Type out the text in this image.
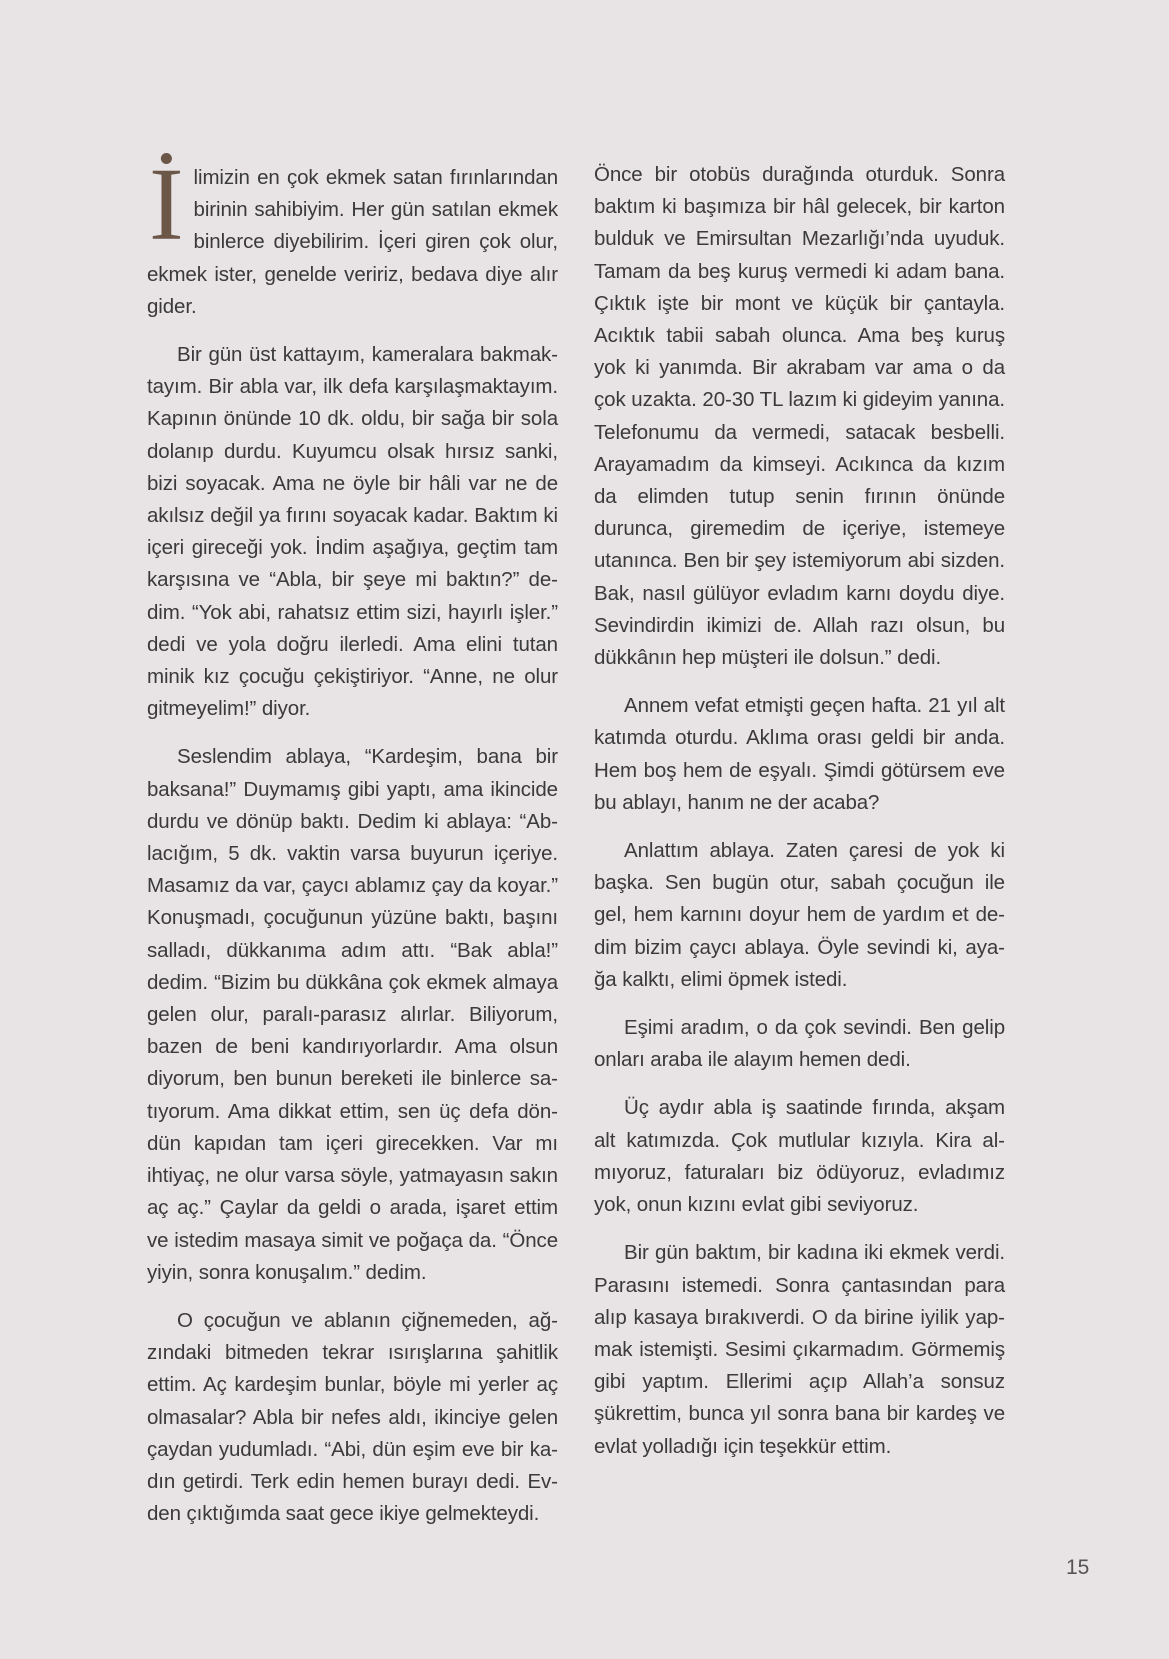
İlimizin en çok ekmek satan fırınlarından birinin sahibiyim. Her gün satılan ekmek binlerce diyebilirim. İçeri giren çok olur, ekmek ister, genelde veririz, bedava diye alır gider.

Bir gün üst kattayım, kameralara bakmaktayım. Bir abla var, ilk defa karşılaşmaktayım. Kapının önünde 10 dk. oldu, bir sağa bir sola dolanıp durdu. Kuyumcu olsak hırsız sanki, bizi soyacak. Ama ne öyle bir hâli var ne de akılsız değil ya fırını soyacak kadar. Baktım ki içeri gireceği yok. İndim aşağıya, geçtim tam karşısına ve “Abla, bir şeye mi baktın?” dedim. “Yok abi, rahatsız ettim sizi, hayırlı işler.” dedi ve yola doğru ilerledi. Ama elini tutan minik kız çocuğu çekiştiriyor. “Anne, ne olur gitmeyelim!” diyor.

Seslendim ablaya, “Kardeşim, bana bir baksana!” Duymamış gibi yaptı, ama ikincide durdu ve dönüp baktı. Dedim ki ablaya: “Ablacığım, 5 dk. vaktin varsa buyurun içeriye. Masamız da var, çaycı ablamız çay da koyar.” Konuşmadı, çocuğunun yüzüne baktı, başını salladı, dükkanıma adım attı. “Bak abla!” dedim. “Bizim bu dükkâna çok ekmek almaya gelen olur, paralı-parasız alırlar. Biliyorum, bazen de beni kandırıyorlardır. Ama olsun diyorum, ben bunun bereketi ile binlerce satıyorum. Ama dikkat ettim, sen üç defa döndün kapıdan tam içeri girecekken. Var mı ihtiyaç, ne olur varsa söyle, yatmayasın sakın aç aç.” Çaylar da geldi o arada, işaret ettim ve istedim masaya simit ve poğaça da. “Önce yiyin, sonra konuşalım.” dedim.

O çocuğun ve ablanın çiğnemeden, ağzındaki bitmeden tekrar ısırışlarına şahitlik ettim. Aç kardeşim bunlar, böyle mi yerler aç olmasalar? Abla bir nefes aldı, ikinciye gelen çaydan yudumladı. “Abi, dün eşim eve bir kadın getirdi. Terk edin hemen burayı dedi. Evden çıktığımda saat gece ikiye gelmekteydi.

Önce bir otobüs durağında oturduk. Sonra baktım ki başımıza bir hâl gelecek, bir karton bulduk ve Emirsultan Mezarlığı’nda uyuduk. Tamam da beş kuruş vermedi ki adam bana. Çıktık işte bir mont ve küçük bir çantayla. Acıktık tabii sabah olunca. Ama beş kuruş yok ki yanımda. Bir akrabam var ama o da çok uzakta. 20-30 TL lazım ki gideyim yanına. Telefonumu da vermedi, satacak besbelli. Arayamadım da kimseyi. Acıkınca da kızım da elimden tutup senin fırının önünde durunca, giremedim de içeriye, istemeye utanınca. Ben bir şey istemiyorum abi sizden. Bak, nasıl gülüyor evladım karnı doydu diye. Sevindirdin ikimizi de. Allah razı olsun, bu dükkânın hep müşteri ile dolsun.” dedi.

Annem vefat etmişti geçen hafta. 21 yıl alt katımda oturdu. Aklıma orası geldi bir anda. Hem boş hem de eşyalı. Şimdi götürsem eve bu ablayı, hanım ne der acaba?

Anlattım ablaya. Zaten çaresi de yok ki başka. Sen bugün otur, sabah çocuğun ile gel, hem karnını doyur hem de yardım et dedim bizim çaycı ablaya. Öyle sevindi ki, ayağa kalktı, elimi öpmek istedi.

Eşimi aradım, o da çok sevindi. Ben gelip onları araba ile alayım hemen dedi.

Üç aydır abla iş saatinde fırında, akşam alt katımızda. Çok mutlular kızıyla. Kira almıyoruz, faturaları biz ödüyoruz, evladımız yok, onun kızını evlat gibi seviyoruz.

Bir gün baktım, bir kadına iki ekmek verdi. Parasını istemedi. Sonra çantasından para alıp kasaya bırakıverdi. O da birine iyilik yapmak istemişti. Sesimi çıkarmadım. Görmemiş gibi yaptım. Ellerimi açıp Allah’a sonsuz şükrettim, bunca yıl sonra bana bir kardeş ve evlat yolladığı için teşekkür ettim.

15
